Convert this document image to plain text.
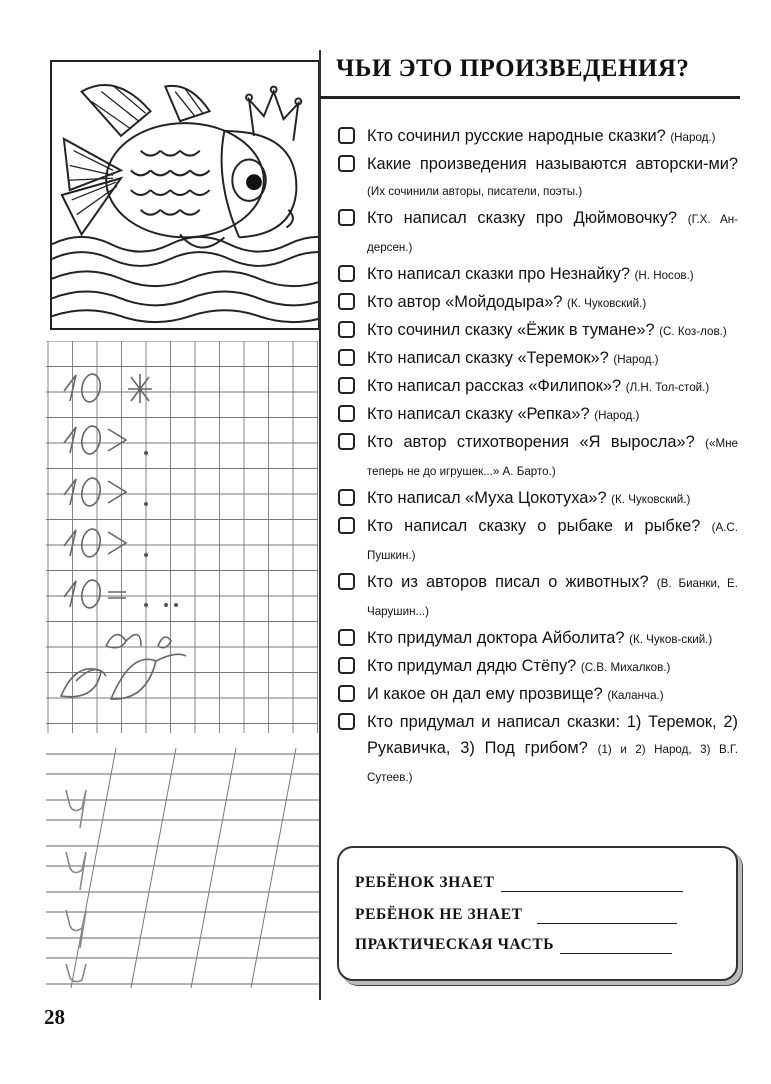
28
ЧЬИ ЭТО ПРОИЗВЕДЕНИЯ?
Кто сочинил русские народные сказки? (Народ.)
Какие произведения называются авторски-ми? (Их сочинили авторы, писатели, поэты.)
Кто написал сказку про Дюймовочку? (Г.Х. Ан-дерсен.)
Кто написал сказки про Незнайку? (Н. Носов.)
Кто автор «Мойдодыра»? (К. Чуковский.)
Кто сочинил сказку «Ёжик в тумане»? (С. Коз-лов.)
Кто написал сказку «Теремок»? (Народ.)
Кто написал рассказ «Филипок»? (Л.Н. Тол-стой.)
Кто написал сказку «Репка»? (Народ.)
Кто автор стихотворения «Я выросла»? («Мне теперь не до игрушек...» А. Барто.)
Кто написал «Муха Цокотуха»? (К. Чуковский.)
Кто написал сказку о рыбаке и рыбке? (А.С. Пушкин.)
Кто из авторов писал о животных? (В. Бианки, Е. Чарушин...)
Кто придумал доктора Айболита? (К. Чуков-ский.)
Кто придумал дядю Стёпу? (С.В. Михалков.)
И какое он дал ему прозвище? (Каланча.)
Кто придумал и написал сказки: 1) Теремок, 2) Рукавичка, 3) Под грибом? (1) и 2) Народ, 3) В.Г. Сутеев.)
РЕБЁНОК ЗНАЕТ
РЕБЁНОК НЕ ЗНАЕТ
ПРАКТИЧЕСКАЯ ЧАСТЬ
